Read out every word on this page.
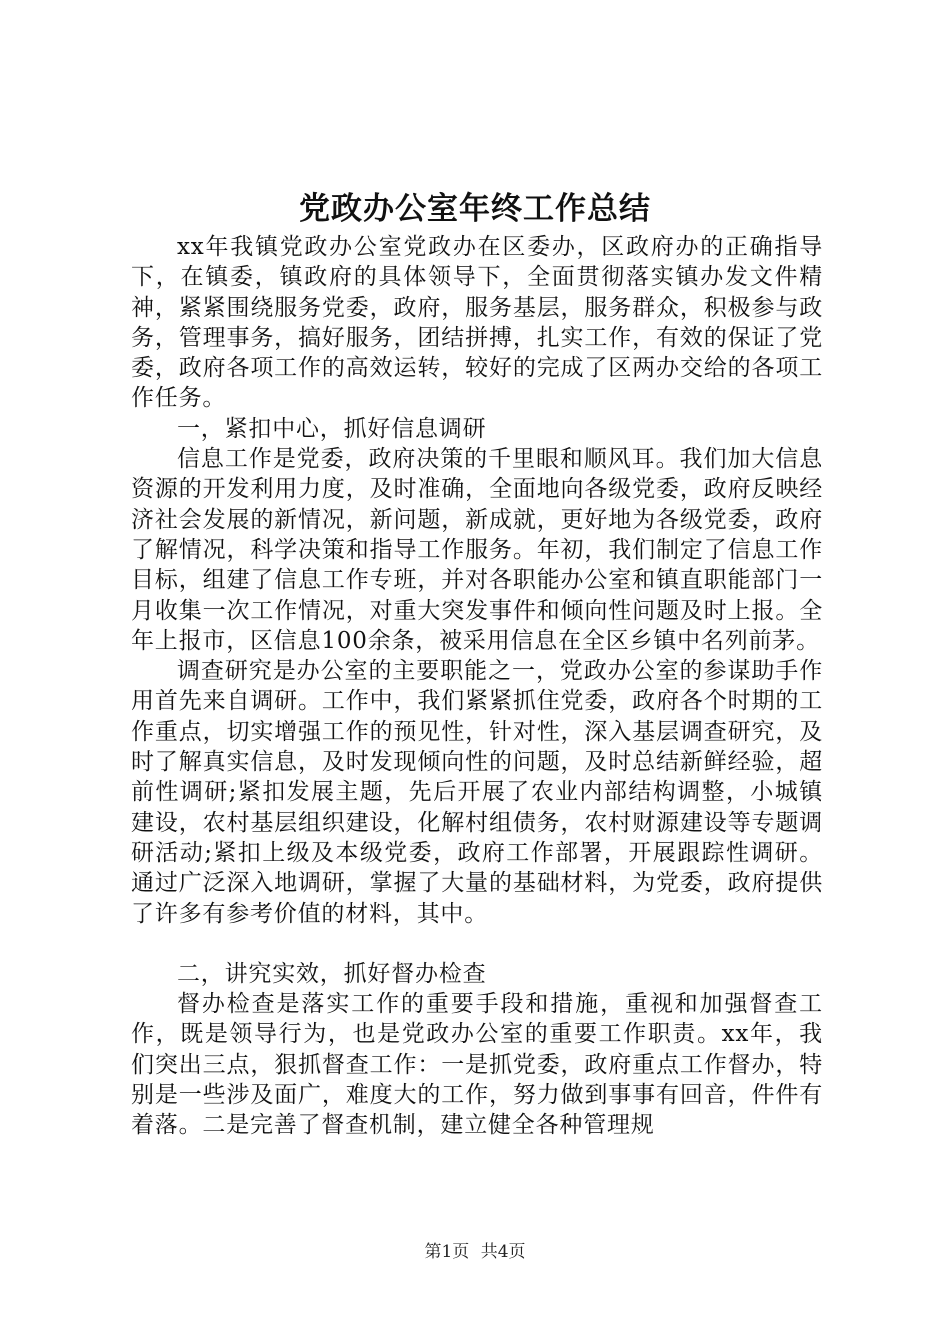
党政办公室年终工作总结

xx年我镇党政办公室党政办在区委办，区政府办的正确指导下，在镇委，镇政府的具体领导下，全面贯彻落实镇办发文件精神，紧紧围绕服务党委，政府，服务基层，服务群众，积极参与政务，管理事务，搞好服务，团结拼搏，扎实工作，有效的保证了党委，政府各项工作的高效运转，较好的完成了区两办交给的各项工作任务。

一，紧扣中心，抓好信息调研

信息工作是党委，政府决策的千里眼和顺风耳。我们加大信息资源的开发利用力度，及时准确，全面地向各级党委，政府反映经济社会发展的新情况，新问题，新成就，更好地为各级党委，政府了解情况，科学决策和指导工作服务。年初，我们制定了信息工作目标，组建了信息工作专班，并对各职能办公室和镇直职能部门一月收集一次工作情况，对重大突发事件和倾向性问题及时上报。全年上报市，区信息100余条，被采用信息在全区乡镇中名列前茅。

调查研究是办公室的主要职能之一，党政办公室的参谋助手作用首先来自调研。工作中，我们紧紧抓住党委，政府各个时期的工作重点，切实增强工作的预见性，针对性，深入基层调查研究，及时了解真实信息，及时发现倾向性的问题，及时总结新鲜经验，超前性调研;紧扣发展主题，先后开展了农业内部结构调整，小城镇建设，农村基层组织建设，化解村组债务，农村财源建设等专题调研活动;紧扣上级及本级党委，政府工作部署，开展跟踪性调研。通过广泛深入地调研，掌握了大量的基础材料，为党委，政府提供了许多有参考价值的材料，其中。

二，讲究实效，抓好督办检查

督办检查是落实工作的重要手段和措施，重视和加强督查工作，既是领导行为，也是党政办公室的重要工作职责。xx年，我们突出三点，狠抓督查工作：一是抓党委，政府重点工作督办，特别是一些涉及面广，难度大的工作，努力做到事事有回音，件件有着落。二是完善了督查机制，建立健全各种管理规

第1页 共4页
